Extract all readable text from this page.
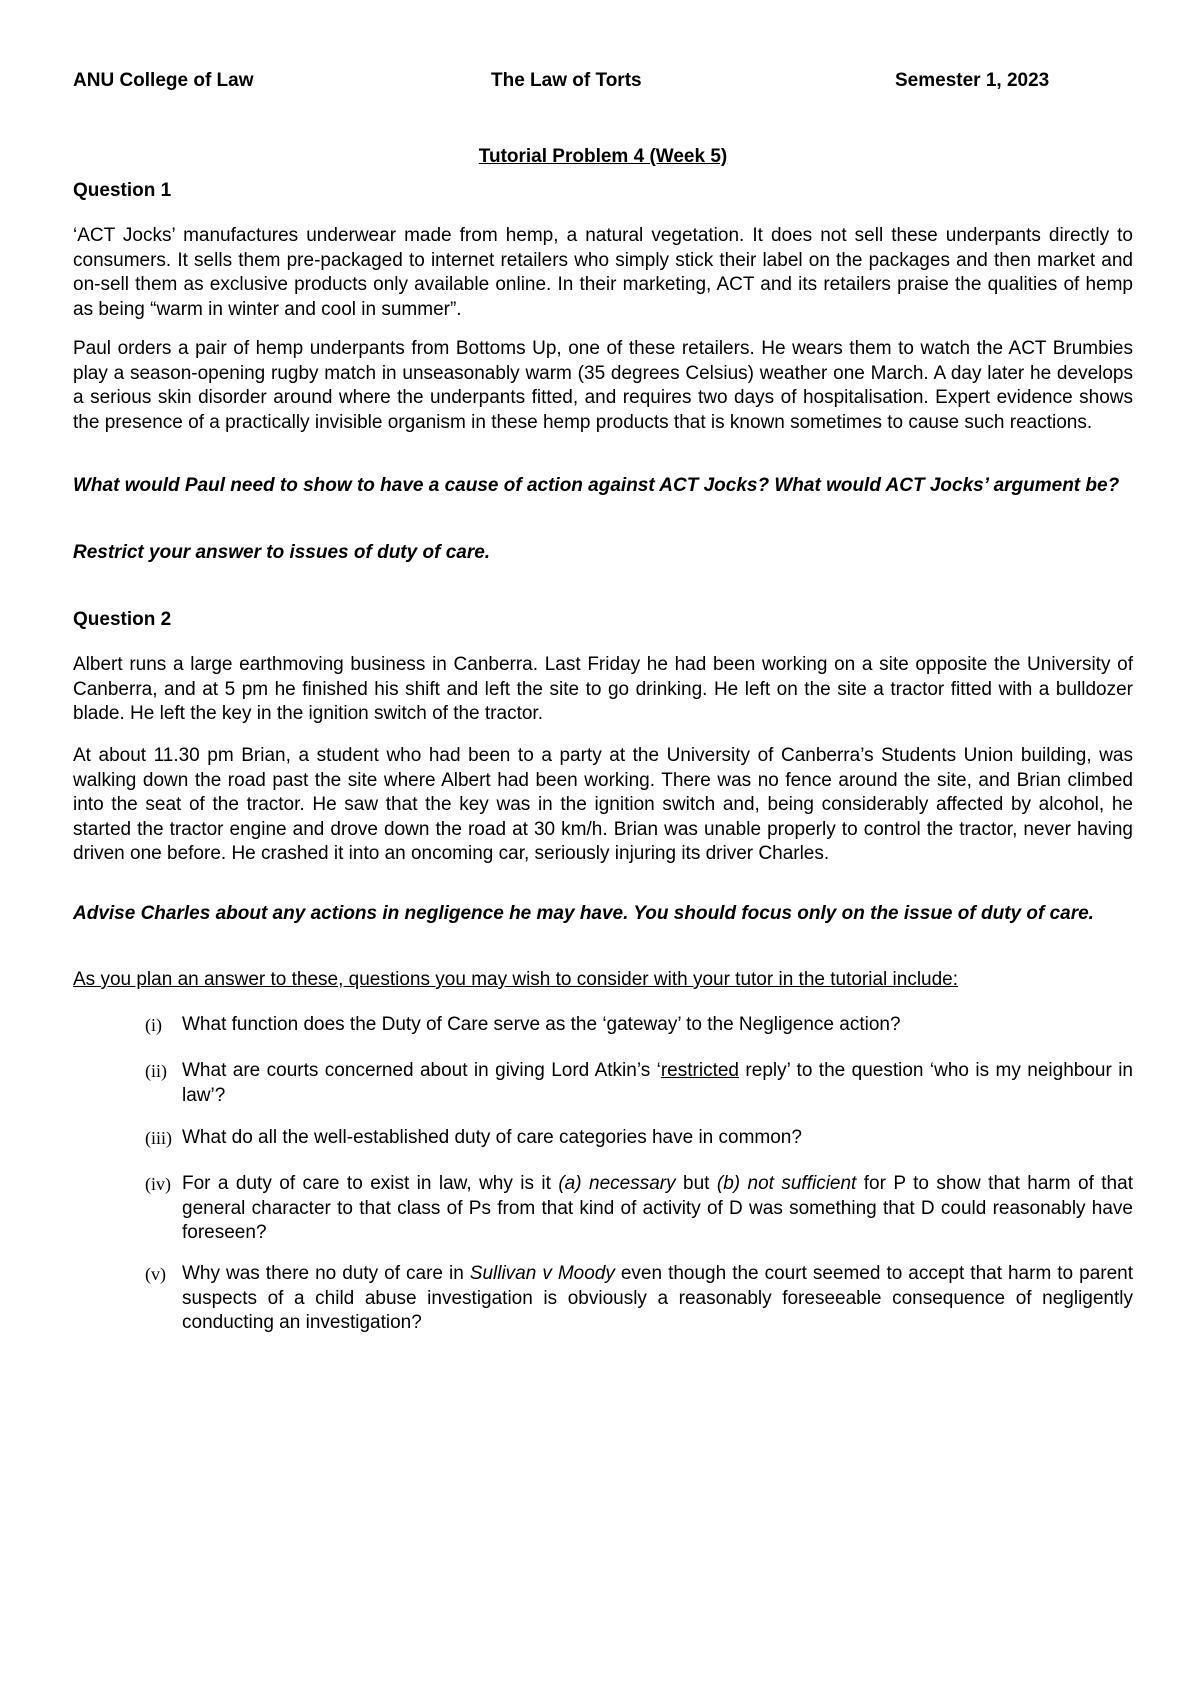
ANU College of Law	The Law of Torts	Semester 1, 2023
Tutorial Problem 4 (Week 5)
Question 1
‘ACT Jocks’ manufactures underwear made from hemp, a natural vegetation. It does not sell these underpants directly to consumers. It sells them pre-packaged to internet retailers who simply stick their label on the packages and then market and on-sell them as exclusive products only available online. In their marketing, ACT and its retailers praise the qualities of hemp as being “warm in winter and cool in summer”.
Paul orders a pair of hemp underpants from Bottoms Up, one of these retailers. He wears them to watch the ACT Brumbies play a season-opening rugby match in unseasonably warm (35 degrees Celsius) weather one March. A day later he develops a serious skin disorder around where the underpants fitted, and requires two days of hospitalisation. Expert evidence shows the presence of a practically invisible organism in these hemp products that is known sometimes to cause such reactions.
What would Paul need to show to have a cause of action against ACT Jocks? What would ACT Jocks’ argument be?
Restrict your answer to issues of duty of care.
Question 2
Albert runs a large earthmoving business in Canberra. Last Friday he had been working on a site opposite the University of Canberra, and at 5 pm he finished his shift and left the site to go drinking. He left on the site a tractor fitted with a bulldozer blade. He left the key in the ignition switch of the tractor.
At about 11.30 pm Brian, a student who had been to a party at the University of Canberra’s Students Union building, was walking down the road past the site where Albert had been working. There was no fence around the site, and Brian climbed into the seat of the tractor. He saw that the key was in the ignition switch and, being considerably affected by alcohol, he started the tractor engine and drove down the road at 30 km/h. Brian was unable properly to control the tractor, never having driven one before. He crashed it into an oncoming car, seriously injuring its driver Charles.
Advise Charles about any actions in negligence he may have. You should focus only on the issue of duty of care.
As you plan an answer to these, questions you may wish to consider with your tutor in the tutorial include:
(i) What function does the Duty of Care serve as the ‘gateway’ to the Negligence action?
(ii) What are courts concerned about in giving Lord Atkin’s ‘restricted reply’ to the question ‘who is my neighbour in law’?
(iii) What do all the well-established duty of care categories have in common?
(iv) For a duty of care to exist in law, why is it (a) necessary but (b) not sufficient for P to show that harm of that general character to that class of Ps from that kind of activity of D was something that D could reasonably have foreseen?
(v) Why was there no duty of care in Sullivan v Moody even though the court seemed to accept that harm to parent suspects of a child abuse investigation is obviously a reasonably foreseeable consequence of negligently conducting an investigation?
